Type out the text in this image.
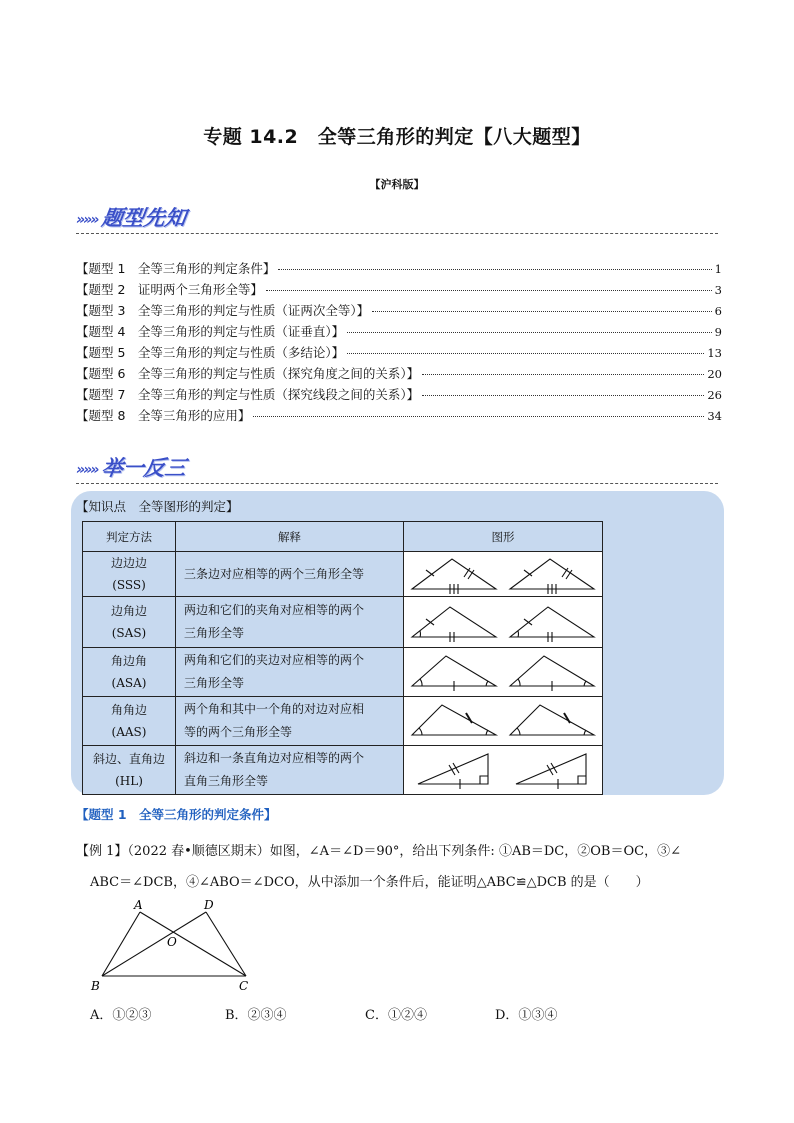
专题 14.2　全等三角形的判定【八大题型】
【沪科版】
»»» 题型先知
【题型 1　全等三角形的判定条件】	1
【题型 2　证明两个三角形全等】	3
【题型 3　全等三角形的判定与性质（证两次全等）】	6
【题型 4　全等三角形的判定与性质（证垂直）】	9
【题型 5　全等三角形的判定与性质（多结论）】	13
【题型 6　全等三角形的判定与性质（探究角度之间的关系）】	20
【题型 7　全等三角形的判定与性质（探究线段之间的关系）】	26
【题型 8　全等三角形的应用】	34
»»» 举一反三
【知识点　全等图形的判定】
判定方法	解释	图形

边边边
(SSS)	三条边对应相等的两个三角形全等	

边角边
(SAS)	两边和它们的夹角对应相等的两个
三角形全等

角边角
(ASA)	两角和它们的夹边对应相等的两个
三角形全等

角角边
(AAS)	两个角和其中一个角的对边对应相
等的两个三角形全等

斜边、直角边
(HL)	斜边和一条直角边对应相等的两个
直角三角形全等

【题型 1　全等三角形的判定条件】
【例 1】（2022 春•顺德区期末）如图，∠A＝∠D＝90°，给出下列条件: ①AB＝DC，②OB＝OC，③∠
ABC＝∠DCB，④∠ABO＝∠DCO，从中添加一个条件后，能证明△ABC≌△DCB 的是（　　）
A	D
O
B	C
A．①②③	B．②③④	C．①②④	D．①③④
